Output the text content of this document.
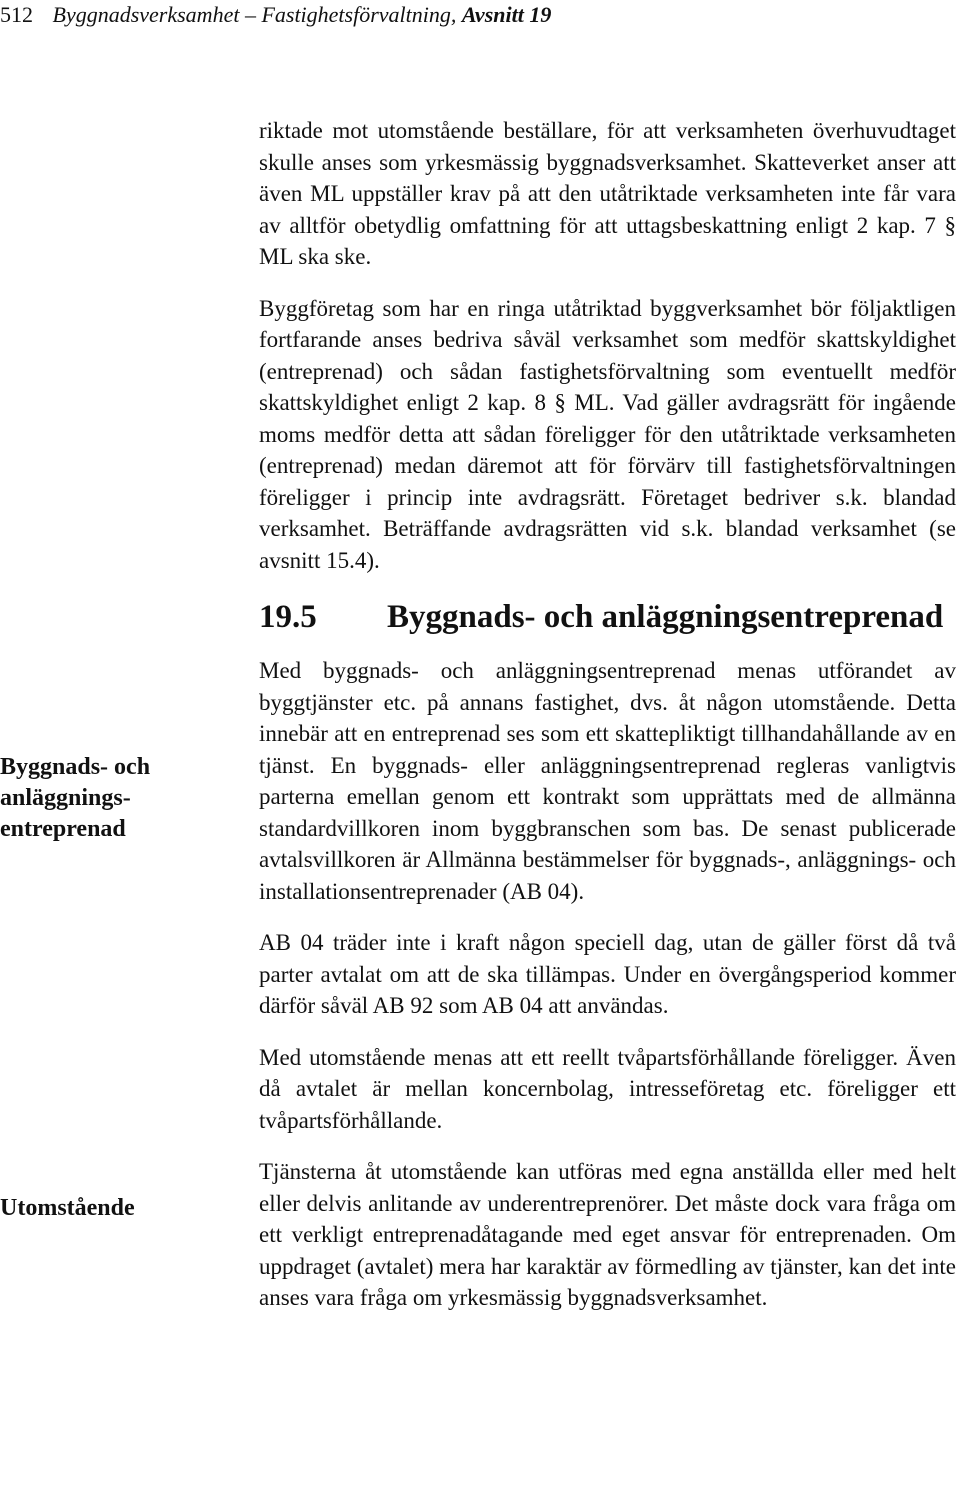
512 Byggnadsverksamhet – Fastighetsförvaltning, Avsnitt 19
Byggnads- och
anläggnings-
entreprenad
Utomstående

riktade mot utomstående beställare, för att verksamheten överhuvudtaget skulle anses som yrkesmässig byggnadsverksamhet. Skatteverket anser att även ML uppställer krav på att den utåtriktade verksamheten inte får vara av alltför obetydlig omfattning för att uttagsbeskattning enligt 2 kap. 7 § ML ska ske.

Byggföretag som har en ringa utåtriktad byggverksamhet bör följaktligen fortfarande anses bedriva såväl verksamhet som medför skattskyldighet (entreprenad) och sådan fastighetsförvaltning som eventuellt medför skattskyldighet enligt 2 kap. 8 § ML. Vad gäller avdragsrätt för ingående moms medför detta att sådan föreligger för den utåtriktade verksamheten (entreprenad) medan däremot att för förvärv till fastighetsförvaltningen föreligger i princip inte avdragsrätt. Företaget bedriver s.k. blandad verksamhet. Beträffande avdragsrätten vid s.k. blandad verksamhet (se avsnitt 15.4).

19.5	Byggnads- och anläggningsentreprenad

Med byggnads- och anläggningsentreprenad menas utförandet av byggtjänster etc. på annans fastighet, dvs. åt någon utomstående. Detta innebär att en entreprenad ses som ett skattepliktigt tillhandahållande av en tjänst. En byggnads- eller anläggningsentreprenad regleras vanligtvis parterna emellan genom ett kontrakt som upprättats med de allmänna standardvillkoren inom byggbranschen som bas. De senast publicerade avtalsvillkoren är Allmänna bestämmelser för byggnads-, anläggnings- och installationsentreprenader (AB 04).

AB 04 träder inte i kraft någon speciell dag, utan de gäller först då två parter avtalat om att de ska tillämpas. Under en övergångsperiod kommer därför såväl AB 92 som AB 04 att användas.

Med utomstående menas att ett reellt tvåpartsförhållande föreligger. Även då avtalet är mellan koncernbolag, intresseföretag etc. föreligger ett tvåpartsförhållande.

Tjänsterna åt utomstående kan utföras med egna anställda eller med helt eller delvis anlitande av underentreprenörer. Det måste dock vara fråga om ett verkligt entreprenadåtagande med eget ansvar för entreprenaden. Om uppdraget (avtalet) mera har karaktär av förmedling av tjänster, kan det inte anses vara fråga om yrkesmässig byggnadsverksamhet.
